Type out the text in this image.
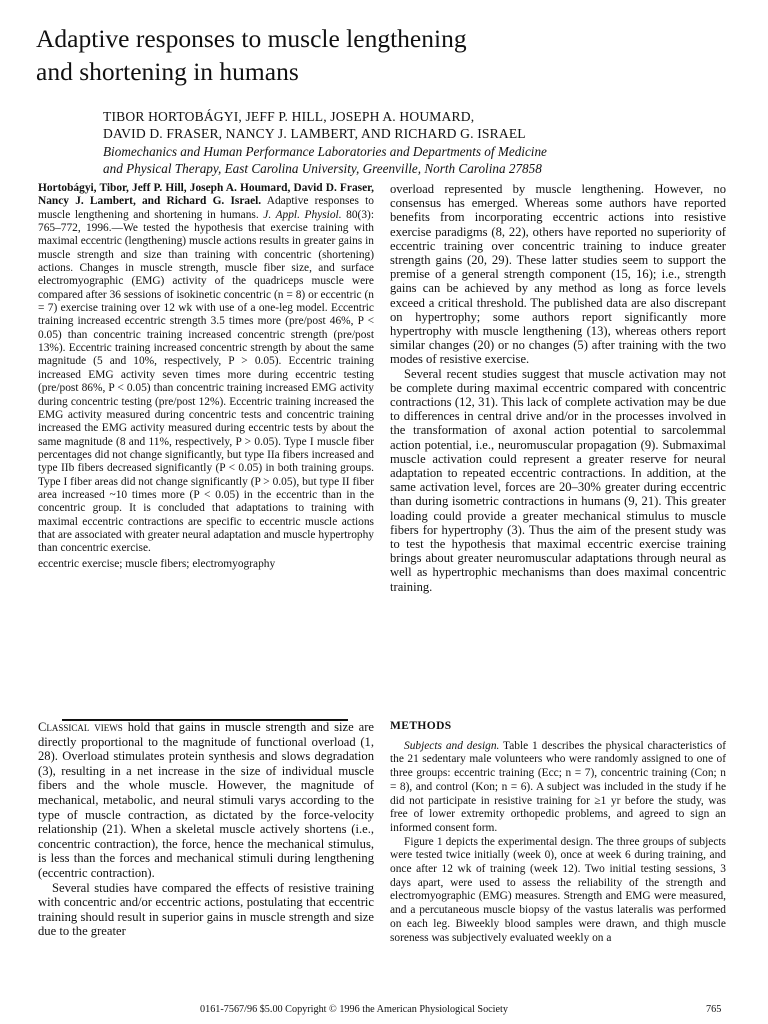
Adaptive responses to muscle lengthening
and shortening in humans
TIBOR HORTOBÁGYI, JEFF P. HILL, JOSEPH A. HOUMARD,
DAVID D. FRASER, NANCY J. LAMBERT, AND RICHARD G. ISRAEL
Biomechanics and Human Performance Laboratories and Departments of Medicine
and Physical Therapy, East Carolina University, Greenville, North Carolina 27858

Hortobágyi, Tibor, Jeff P. Hill, Joseph A. Houmard, David D. Fraser, Nancy J. Lambert, and Richard G. Israel. Adaptive responses to muscle lengthening and shortening in humans. J. Appl. Physiol. 80(3): 765–772, 1996.—We tested the hypothesis that exercise training with maximal eccentric (lengthening) muscle actions results in greater gains in muscle strength and size than training with concentric (shortening) actions. Changes in muscle strength, muscle fiber size, and surface electromyographic (EMG) activity of the quadriceps muscle were compared after 36 sessions of isokinetic concentric (n = 8) or eccentric (n = 7) exercise training over 12 wk with use of a one-leg model. Eccentric training increased eccentric strength 3.5 times more (pre/post 46%, P < 0.05) than concentric training increased concentric strength (pre/post 13%). Eccentric training increased concentric strength by about the same magnitude (5 and 10%, respectively, P > 0.05). Eccentric training increased EMG activity seven times more during eccentric testing (pre/post 86%, P < 0.05) than concentric training increased EMG activity during concentric testing (pre/post 12%). Eccentric training increased the EMG activity measured during concentric tests and concentric training increased the EMG activity measured during eccentric tests by about the same magnitude (8 and 11%, respectively, P > 0.05). Type I muscle fiber percentages did not change significantly, but type IIa fibers increased and type IIb fibers decreased significantly (P < 0.05) in both training groups. Type I fiber areas did not change significantly (P > 0.05), but type II fiber area increased ~10 times more (P < 0.05) in the eccentric than in the concentric group. It is concluded that adaptations to training with maximal eccentric contractions are specific to eccentric muscle actions that are associated with greater neural adaptation and muscle hypertrophy than concentric exercise.

eccentric exercise; muscle fibers; electromyography

Classical views hold that gains in muscle strength and size are directly proportional to the magnitude of functional overload (1, 28). Overload stimulates protein synthesis and slows degradation (3), resulting in a net increase in the size of individual muscle fibers and the whole muscle. However, the magnitude of mechanical, metabolic, and neural stimuli varys according to the type of muscle contraction, as dictated by the force-velocity relationship (21). When a skeletal muscle actively shortens (i.e., concentric contraction), the force, hence the mechanical stimulus, is less than the forces and mechanical stimuli during lengthening (eccentric contraction).

Several studies have compared the effects of resistive training with concentric and/or eccentric actions, postulating that eccentric training should result in superior gains in muscle strength and size due to the greater

overload represented by muscle lengthening. However, no consensus has emerged. Whereas some authors have reported benefits from incorporating eccentric actions into resistive exercise paradigms (8, 22), others have reported no superiority of eccentric training over concentric training to induce greater strength gains (20, 29). These latter studies seem to support the premise of a general strength component (15, 16); i.e., strength gains can be achieved by any method as long as force levels exceed a critical threshold. The published data are also discrepant on hypertrophy; some authors report significantly more hypertrophy with muscle lengthening (13), whereas others report similar changes (20) or no changes (5) after training with the two modes of resistive exercise.

Several recent studies suggest that muscle activation may not be complete during maximal eccentric compared with concentric contractions (12, 31). This lack of complete activation may be due to differences in central drive and/or in the processes involved in the transformation of axonal action potential to sarcolemmal action potential, i.e., neuromuscular propagation (9). Submaximal muscle activation could represent a greater reserve for neural adaptation to repeated eccentric contractions. In addition, at the same activation level, forces are 20–30% greater during eccentric than during isometric contractions in humans (9, 21). This greater loading could provide a greater mechanical stimulus to muscle fibers for hypertrophy (3). Thus the aim of the present study was to test the hypothesis that maximal eccentric exercise training brings about greater neuromuscular adaptations through neural as well as hypertrophic mechanisms than does maximal concentric training.

METHODS

Subjects and design. Table 1 describes the physical characteristics of the 21 sedentary male volunteers who were randomly assigned to one of three groups: eccentric training (Ecc; n = 7), concentric training (Con; n = 8), and control (Kon; n = 6). A subject was included in the study if he did not participate in resistive training for ≥1 yr before the study, was free of lower extremity orthopedic problems, and agreed to sign an informed consent form.

Figure 1 depicts the experimental design. The three groups of subjects were tested twice initially (week 0), once at week 6 during training, and once after 12 wk of training (week 12). Two initial testing sessions, 3 days apart, were used to assess the reliability of the strength and electromyographic (EMG) measures. Strength and EMG were measured, and a percutaneous muscle biopsy of the vastus lateralis was performed on each leg. Biweekly blood samples were drawn, and thigh muscle soreness was subjectively evaluated weekly on a

0161-7567/96 $5.00 Copyright © 1996 the American Physiological Society	765
